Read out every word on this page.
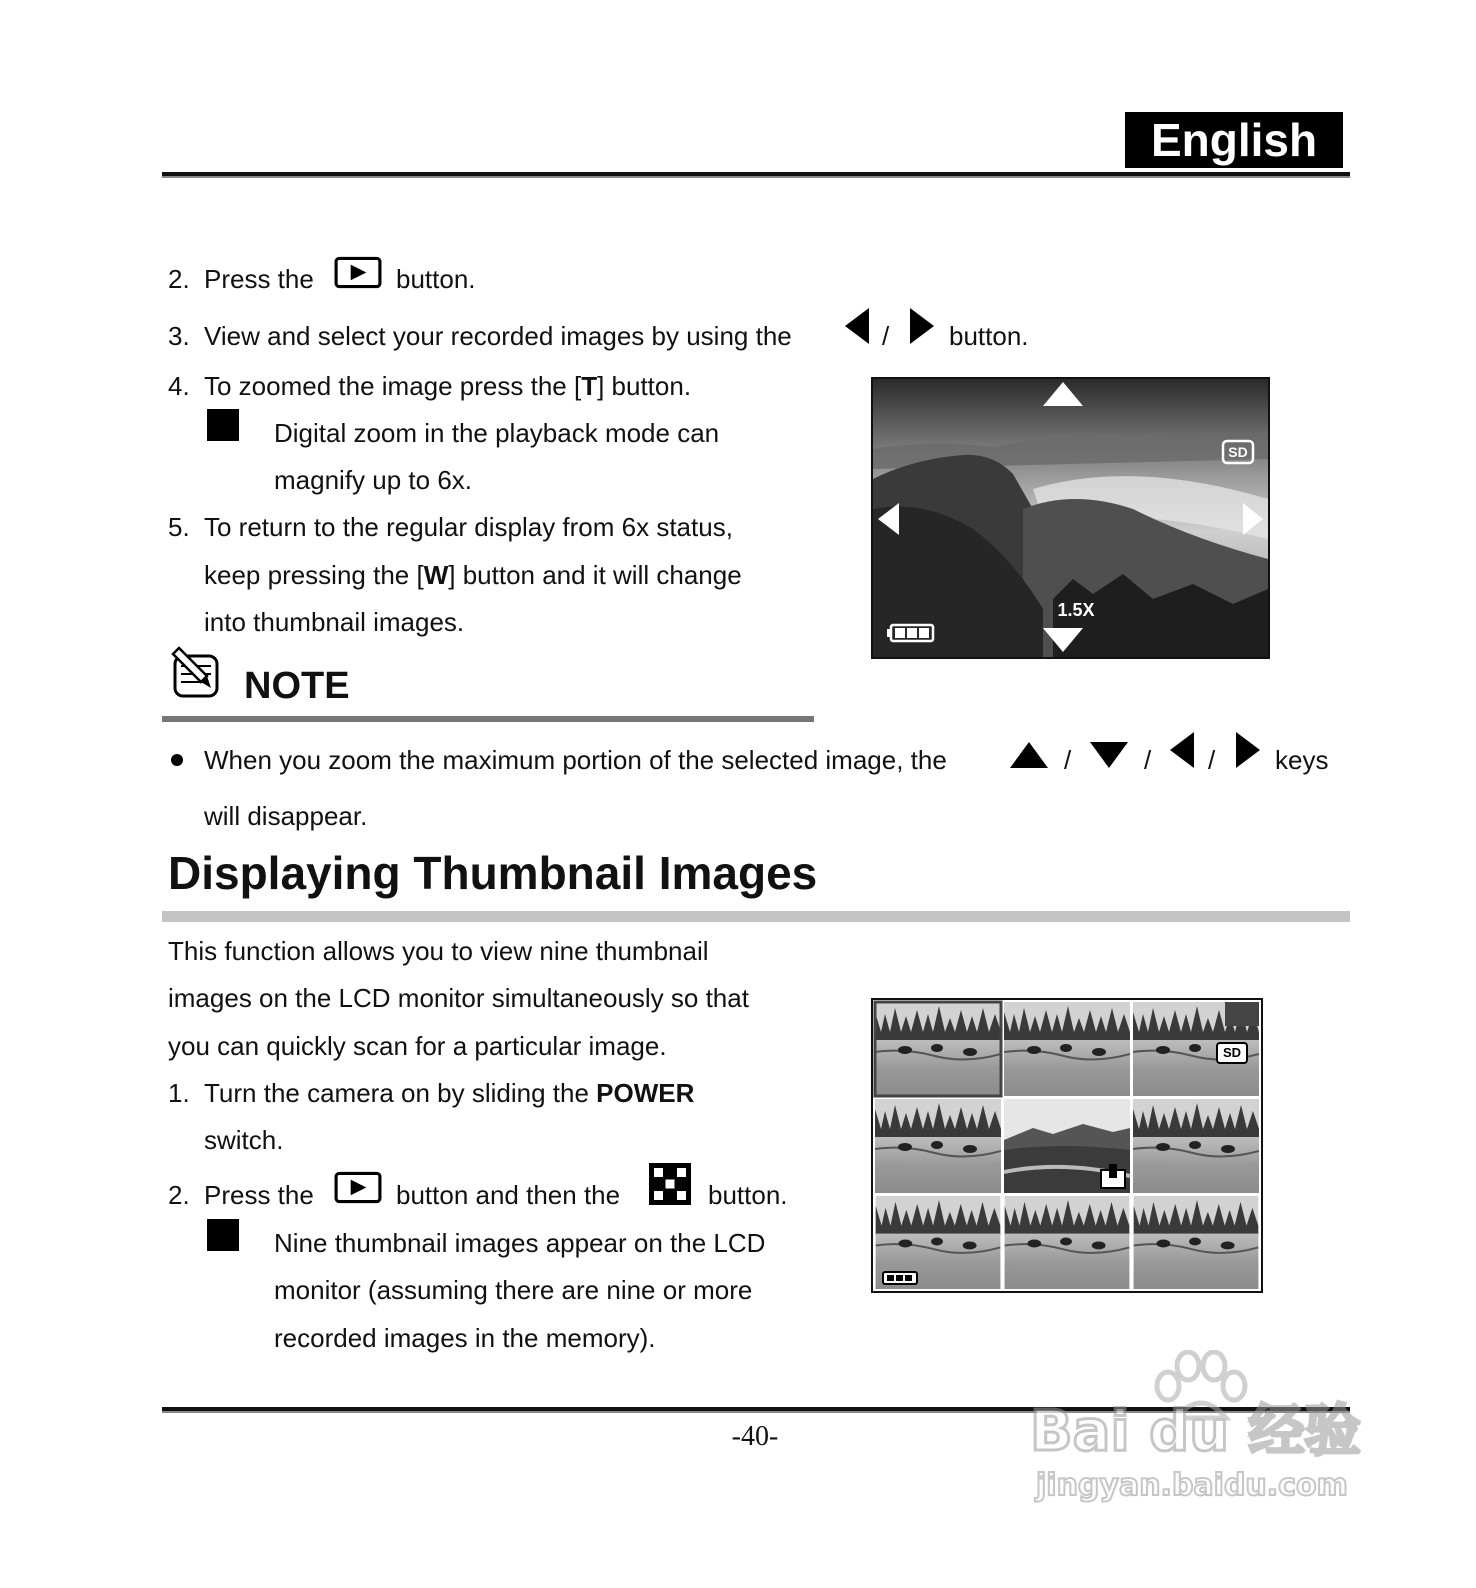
English
2. Press the	button.
3. View and select your recorded images by using the	/ button.
4. To zoomed the image press the [T] button.
Digital zoom in the playback mode can
magnify up to 6x.
5. To return to the regular display from 6x status,
keep pressing the [W] button and it will change
into thumbnail images.
SD
1.5X
NOTE
When you zoom the maximum portion of the selected image, the	/	/ / keys
will disappear.
Displaying Thumbnail Images
This function allows you to view nine thumbnail
images on the LCD monitor simultaneously so that
you can quickly scan for a particular image.
1. Turn the camera on by sliding the POWER
switch.
2. Press the	button and then the	button.
Nine thumbnail images appear on the LCD
monitor (assuming there are nine or more
recorded images in the memory).
SD
-40-	Bai du 经验
jingyan.baidu.com
